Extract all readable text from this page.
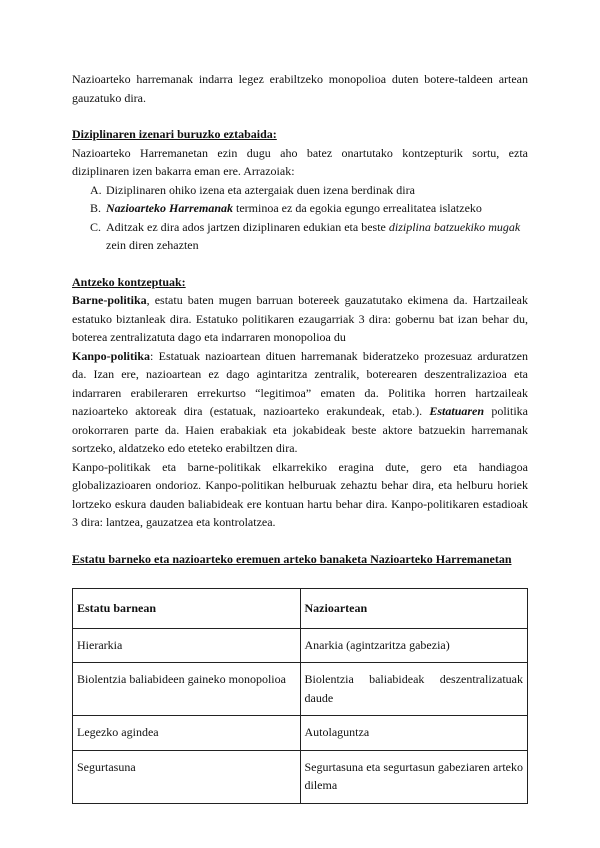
Nazioarteko harremanak indarra legez erabiltzeko monopolioa duten botere-taldeen artean gauzatuko dira.

Diziplinaren izenari buruzko eztabaida:

Nazioarteko Harremanetan ezin dugu aho batez onartutako kontzepturik sortu, ezta diziplinaren izen bakarra eman ere. Arrazoiak:

A. Diziplinaren ohiko izena eta aztergaiak duen izena berdinak dira
B. Nazioarteko Harremanak terminoa ez da egokia egungo errealitatea islatzeko
C. Aditzak ez dira ados jartzen diziplinaren edukian eta beste diziplina batzuekiko mugak zein diren zehazten

Antzeko kontzeptuak:

Barne-politika, estatu baten mugen barruan botereek gauzatutako ekimena da. Hartzaileak estatuko biztanleak dira. Estatuko politikaren ezaugarriak 3 dira: gobernu bat izan behar du, boterea zentralizatuta dago eta indarraren monopolioa du

Kanpo-politika: Estatuak nazioartean dituen harremanak bideratzeko prozesuaz arduratzen da. Izan ere, nazioartean ez dago agintaritza zentralik, boterearen deszentralizazioa eta indarraren erabileraren errekurtso “legitimoa” ematen da. Politika horren hartzaileak nazioarteko aktoreak dira (estatuak, nazioarteko erakundeak, etab.). Estatuaren politika orokorraren parte da. Haien erabakiak eta jokabideak beste aktore batzuekin harremanak sortzeko, aldatzeko edo eteteko erabiltzen dira.

Kanpo-politikak eta barne-politikak elkarrekiko eragina dute, gero eta handiagoa globalizazioaren ondorioz. Kanpo-politikan helburuak zehaztu behar dira, eta helburu horiek lortzeko eskura dauden baliabideak ere kontuan hartu behar dira. Kanpo-politikaren estadioak 3 dira: lantzea, gauzatzea eta kontrolatzea.

Estatu barneko eta nazioarteko eremuen arteko banaketa Nazioarteko Harremanetan

Estatu barnean	Nazioartean
Hierarkia	Anarkia (agintzaritza gabezia)
Biolentzia baliabideen gaineko monopolioa	Biolentzia baliabideak deszentralizatuak daude
Legezko agindea	Autolaguntza
Segurtasuna	Segurtasuna eta segurtasun gabeziaren arteko dilema
